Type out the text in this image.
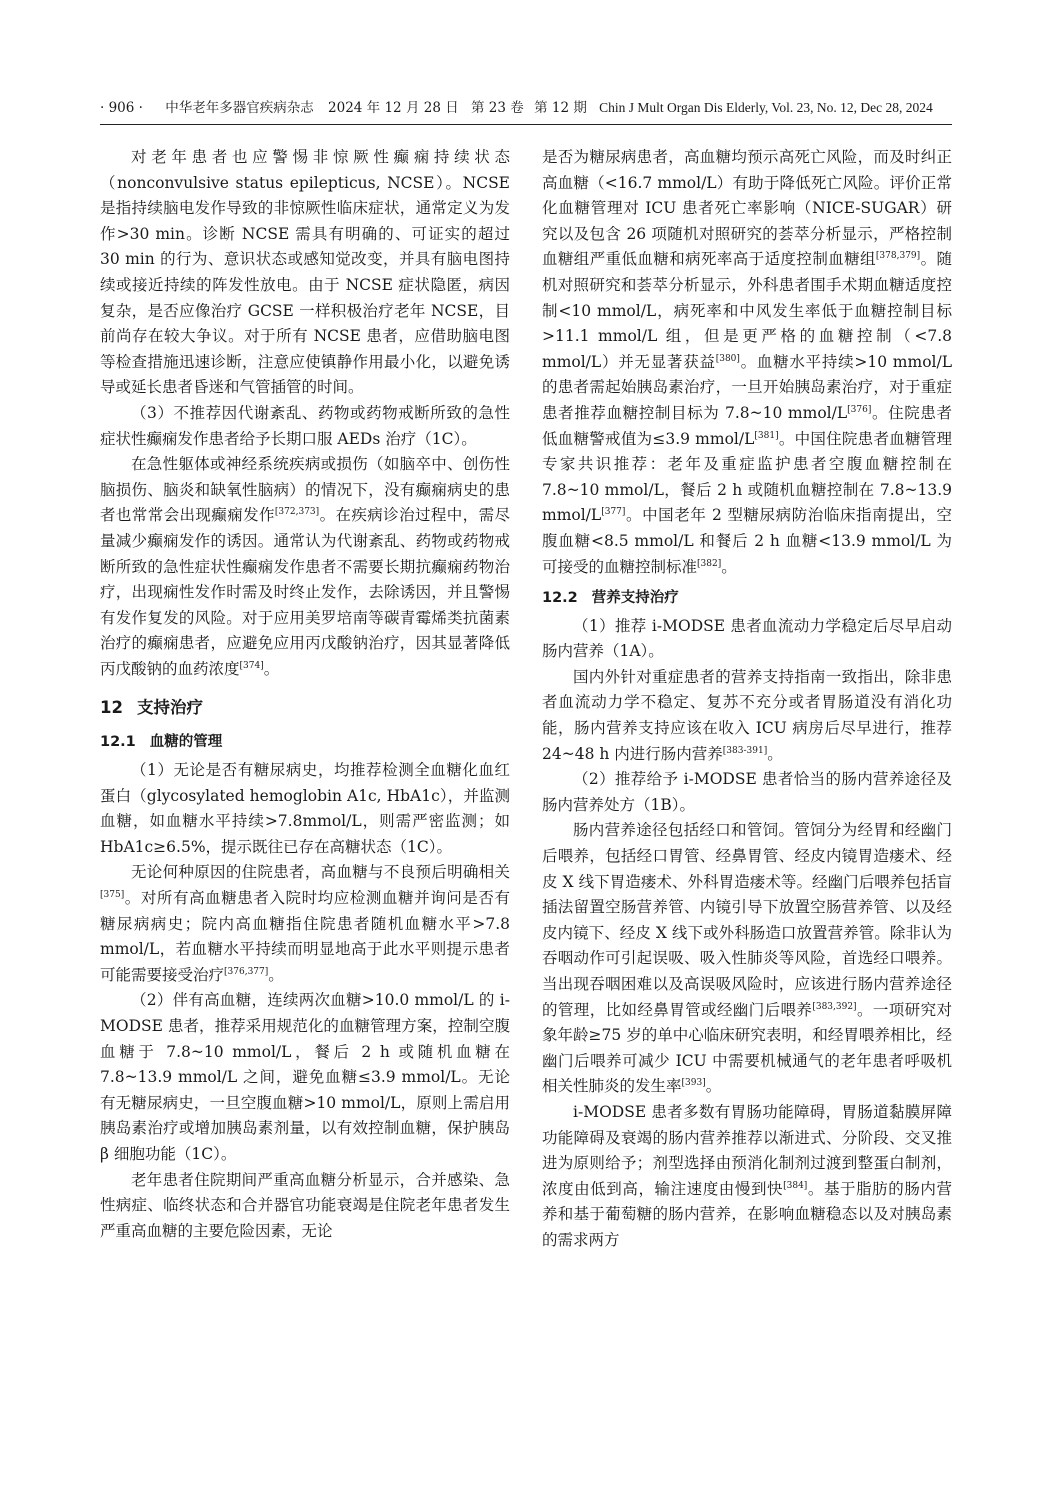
· 906 · 中华老年多器官疾病杂志 2024 年 12 月 28 日 第 23 卷 第 12 期 Chin J Mult Organ Dis Elderly, Vol. 23, No. 12, Dec 28, 2024

对老年患者也应警惕非惊厥性癫痫持续状态（nonconvulsive status epilepticus, NCSE）。NCSE 是指持续脑电发作导致的非惊厥性临床症状，通常定义为发作>30 min。诊断 NCSE 需具有明确的、可证实的超过 30 min 的行为、意识状态或感知觉改变，并具有脑电图持续或接近持续的阵发性放电。由于 NCSE 症状隐匿，病因复杂，是否应像治疗 GCSE 一样积极治疗老年 NCSE，目前尚存在较大争议。对于所有 NCSE 患者，应借助脑电图等检查措施迅速诊断，注意应使镇静作用最小化，以避免诱导或延长患者昏迷和气管插管的时间。

（3）不推荐因代谢紊乱、药物或药物戒断所致的急性症状性癫痫发作患者给予长期口服 AEDs 治疗（1C）。

在急性躯体或神经系统疾病或损伤（如脑卒中、创伤性脑损伤、脑炎和缺氧性脑病）的情况下，没有癫痫病史的患者也常常会出现癫痫发作[372,373]。在疾病诊治过程中，需尽量减少癫痫发作的诱因。通常认为代谢紊乱、药物或药物戒断所致的急性症状性癫痫发作患者不需要长期抗癫痫药物治疗，出现痫性发作时需及时终止发作，去除诱因，并且警惕有发作复发的风险。对于应用美罗培南等碳青霉烯类抗菌素治疗的癫痫患者，应避免应用丙戊酸钠治疗，因其显著降低丙戊酸钠的血药浓度[374]。

12 支持治疗
12.1 血糖的管理

（1）无论是否有糖尿病史，均推荐检测全血糖化血红蛋白（glycosylated hemoglobin A1c, HbA1c），并监测血糖，如血糖水平持续>7.8mmol/L，则需严密监测；如 HbA1c≥6.5%，提示既往已存在高糖状态（1C）。

无论何种原因的住院患者，高血糖与不良预后明确相关[375]。对所有高血糖患者入院时均应检测血糖并询问是否有糖尿病病史；院内高血糖指住院患者随机血糖水平>7.8 mmol/L，若血糖水平持续而明显地高于此水平则提示患者可能需要接受治疗[376,377]。

（2）伴有高血糖，连续两次血糖>10.0 mmol/L 的 i-MODSE 患者，推荐采用规范化的血糖管理方案，控制空腹血糖于 7.8~10 mmol/L，餐后 2 h 或随机血糖在 7.8~13.9 mmol/L 之间，避免血糖≤3.9 mmol/L。无论有无糖尿病史，一旦空腹血糖>10 mmol/L，原则上需启用胰岛素治疗或增加胰岛素剂量，以有效控制血糖，保护胰岛 β 细胞功能（1C）。

老年患者住院期间严重高血糖分析显示，合并感染、急性病症、临终状态和合并器官功能衰竭是住院老年患者发生严重高血糖的主要危险因素，无论

是否为糖尿病患者，高血糖均预示高死亡风险，而及时纠正高血糖（<16.7 mmol/L）有助于降低死亡风险。评价正常化血糖管理对 ICU 患者死亡率影响（NICE-SUGAR）研究以及包含 26 项随机对照研究的荟萃分析显示，严格控制血糖组严重低血糖和病死率高于适度控制血糖组[378,379]。随机对照研究和荟萃分析显示，外科患者围手术期血糖适度控制<10 mmol/L，病死率和中风发生率低于血糖控制目标>11.1 mmol/L 组，但是更严格的血糖控制（<7.8 mmol/L）并无显著获益[380]。血糖水平持续>10 mmol/L 的患者需起始胰岛素治疗，一旦开始胰岛素治疗，对于重症患者推荐血糖控制目标为 7.8~10 mmol/L[376]。住院患者低血糖警戒值为≤3.9 mmol/L[381]。中国住院患者血糖管理专家共识推荐：老年及重症监护患者空腹血糖控制在 7.8~10 mmol/L，餐后 2 h 或随机血糖控制在 7.8~13.9 mmol/L[377]。中国老年 2 型糖尿病防治临床指南提出，空腹血糖<8.5 mmol/L 和餐后 2 h 血糖<13.9 mmol/L 为可接受的血糖控制标准[382]。

12.2 营养支持治疗

（1）推荐 i-MODSE 患者血流动力学稳定后尽早启动肠内营养（1A）。

国内外针对重症患者的营养支持指南一致指出，除非患者血流动力学不稳定、复苏不充分或者胃肠道没有消化功能，肠内营养支持应该在收入 ICU 病房后尽早进行，推荐 24~48 h 内进行肠内营养[383-391]。

（2）推荐给予 i-MODSE 患者恰当的肠内营养途径及肠内营养处方（1B）。

肠内营养途径包括经口和管饲。管饲分为经胃和经幽门后喂养，包括经口胃管、经鼻胃管、经皮内镜胃造瘘术、经皮 X 线下胃造瘘术、外科胃造瘘术等。经幽门后喂养包括盲插法留置空肠营养管、内镜引导下放置空肠营养管、以及经皮内镜下、经皮 X 线下或外科肠造口放置营养管。除非认为吞咽动作可引起误吸、吸入性肺炎等风险，首选经口喂养。当出现吞咽困难以及高误吸风险时，应该进行肠内营养途径的管理，比如经鼻胃管或经幽门后喂养[383,392]。一项研究对象年龄≥75 岁的单中心临床研究表明，和经胃喂养相比，经幽门后喂养可减少 ICU 中需要机械通气的老年患者呼吸机相关性肺炎的发生率[393]。

i-MODSE 患者多数有胃肠功能障碍，胃肠道黏膜屏障功能障碍及衰竭的肠内营养推荐以渐进式、分阶段、交叉推进为原则给予；剂型选择由预消化制剂过渡到整蛋白制剂，浓度由低到高，输注速度由慢到快[384]。基于脂肪的肠内营养和基于葡萄糖的肠内营养，在影响血糖稳态以及对胰岛素的需求两方
